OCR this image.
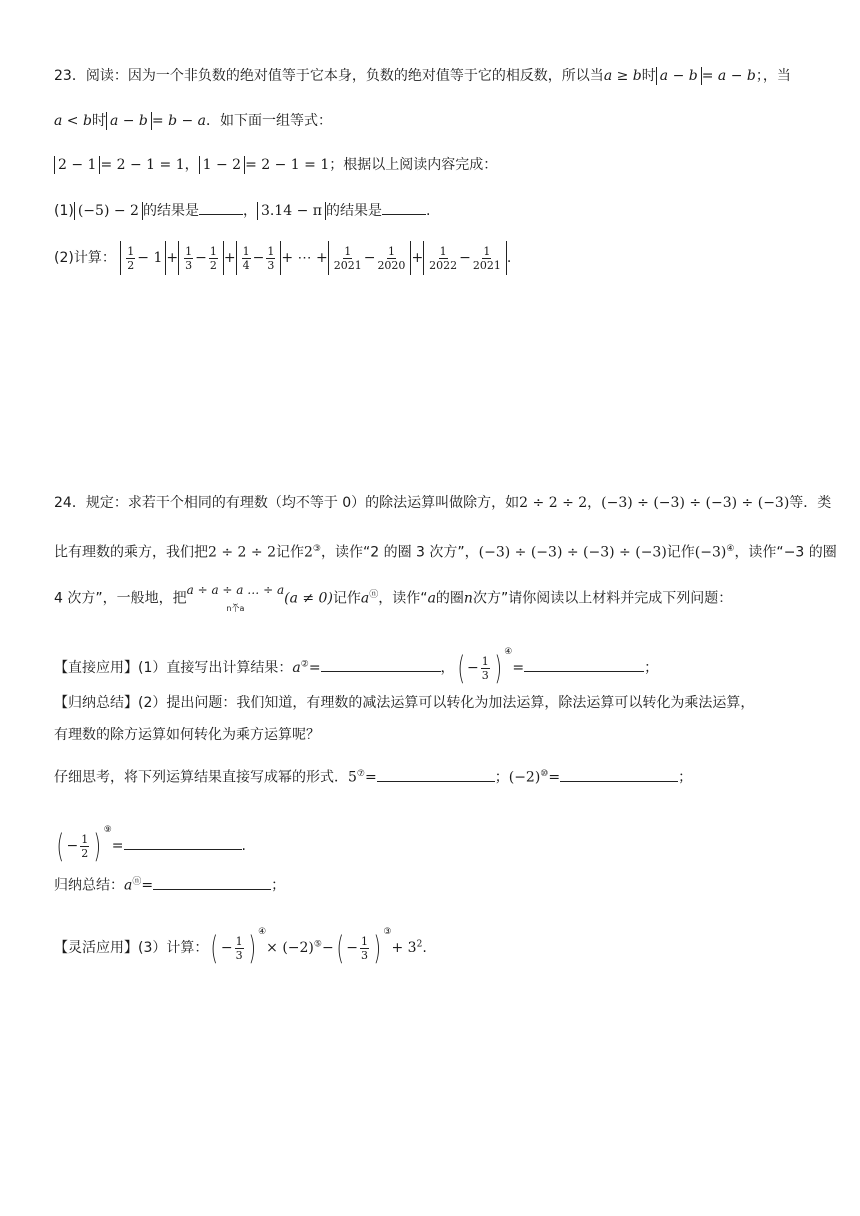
23．阅读：因为一个非负数的绝对值等于它本身，负数的绝对值等于它的相反数，所以当a ≥ b时 a − b = a − b；，当
a < b时 a − b = b − a．如下面一组等式：
2 − 1 = 2 − 1 = 1， 1 − 2 = 2 − 1 = 1；根据以上阅读内容完成：
(1) (−5) − 2 的结果是	， 3.14 − π 的结果是	.
(2)计算： $\frac{1}{2} - 1 + \frac{1}{3} - \frac{1}{2} + \frac{1}{4} - \frac{1}{3}$ + ⋯ + $\frac{1}{2021} - \frac{1}{2020} + \frac{1}{2022} - \frac{1}{2021}$ .
24．规定：求若干个相同的有理数（均不等于 0）的除法运算叫做除方，如2 ÷ 2 ÷ 2，(−3) ÷ (−3) ÷ (−3) ÷ (−3)等．类
比有理数的乘方，我们把2 ÷ 2 ÷ 2记作2③，读作“2 的圈 3 次方”，(−3) ÷ (−3) ÷ (−3) ÷ (−3)记作(−3)④，读作“−3 的圈
4 次方”，一般地，把
a ÷ a ÷ a … ÷ a
⏟
n个a
(a ≠ 0)记作aⓝ，读作“a的圈n次方”请你阅读以上材料并完成下列问题：
【直接应用】(1）直接写出计算结果：a②=	， ( − $\frac{1}{3}$ ) ④=	；
【归纳总结】(2）提出问题：我们知道，有理数的减法运算可以转化为加法运算，除法运算可以转化为乘法运算，
有理数的除方运算如何转化为乘方运算呢？
仔细思考，将下列运算结果直接写成幂的形式．5⑦=	；(−2)⑩=	；
( − $\frac{1}{2}$ ) ⑨=	.
归纳总结：aⓝ=	；
【灵活应用】(3）计算： ( − $\frac{1}{3}$ ) ④× (−2)⑤− ( − $\frac{1}{3}$ ) $^③+ 3^2$.
